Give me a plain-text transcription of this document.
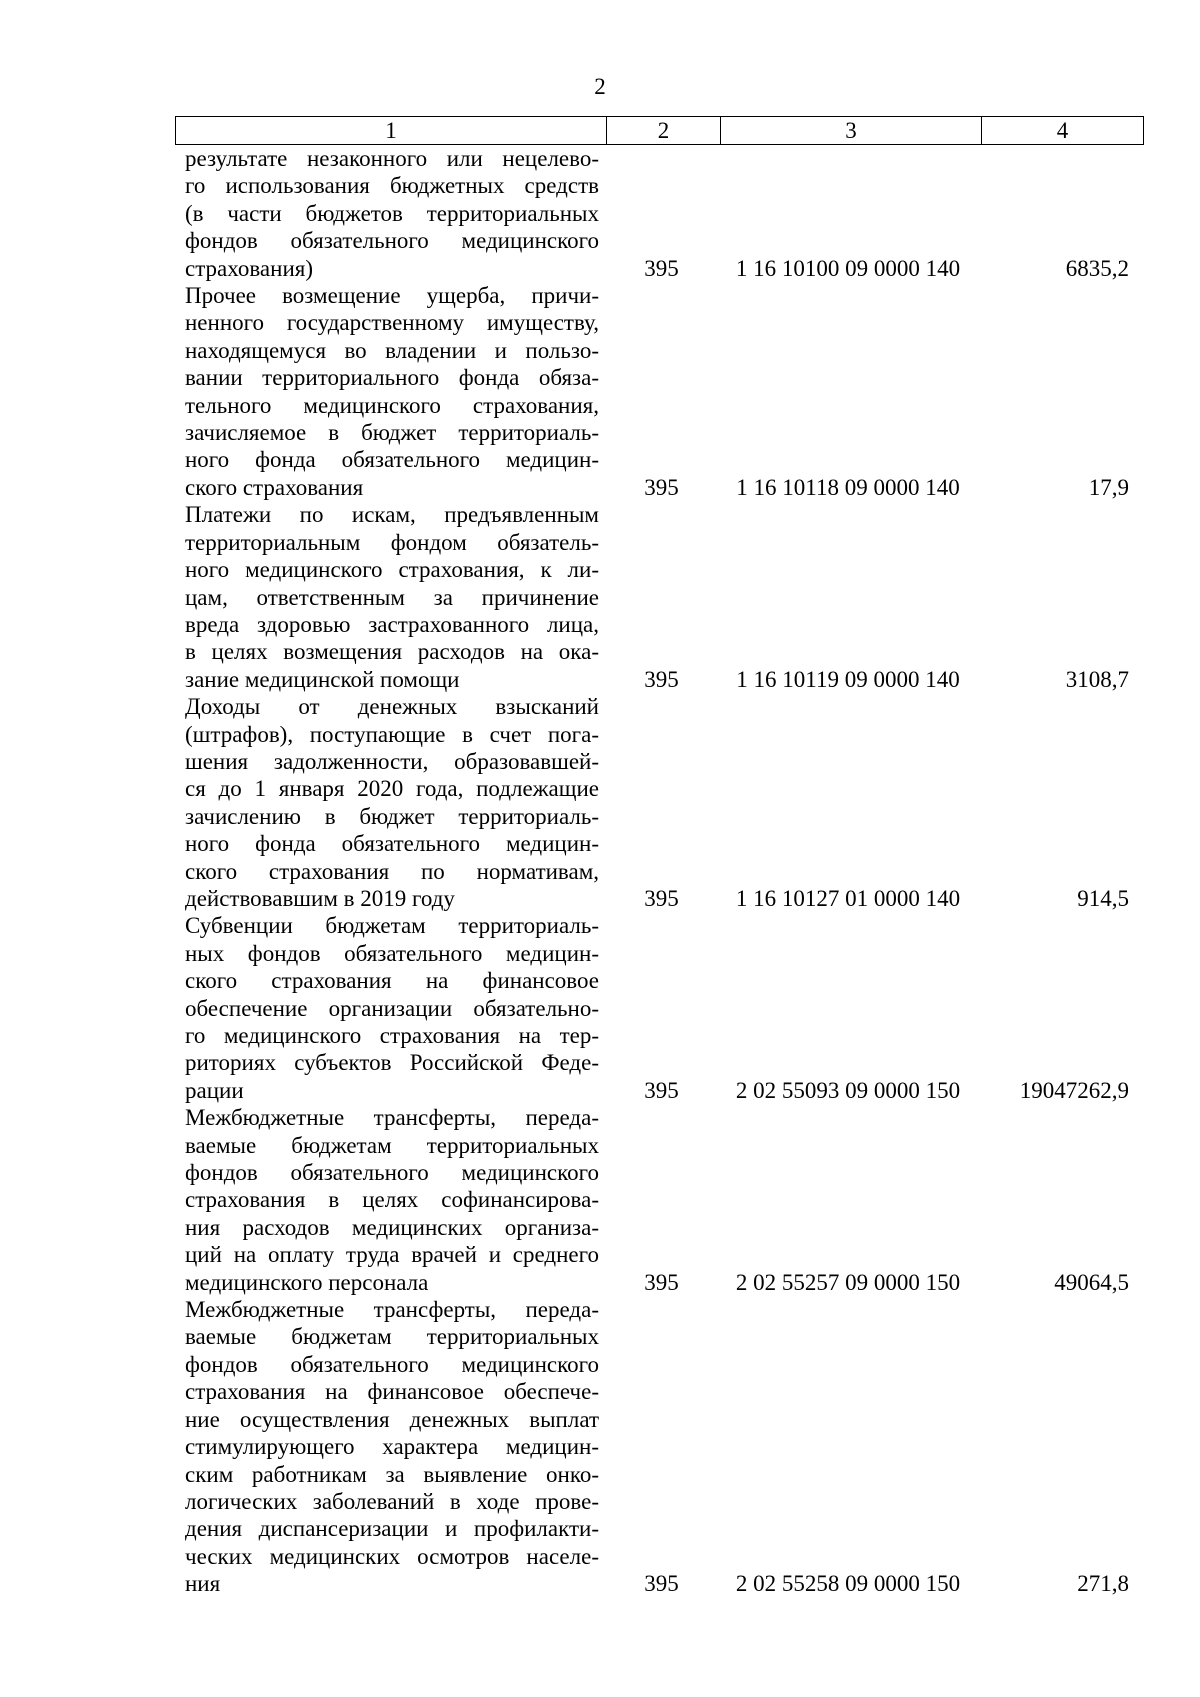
2
1	2	3	4
результате незаконного или нецелево-
го использования бюджетных средств
(в части бюджетов территориальных
фондов обязательного медицинского
страхования)	395	1 16 10100 09 0000 140	6835,2
Прочее возмещение ущерба, причи-
ненного государственному имуществу,
находящемуся во владении и пользо-
вании территориального фонда обяза-
тельного медицинского страхования,
зачисляемое в бюджет территориаль-
ного фонда обязательного медицин-
ского страхования	395	1 16 10118 09 0000 140	17,9
Платежи по искам, предъявленным
территориальным фондом обязатель-
ного медицинского страхования, к ли-
цам, ответственным за причинение
вреда здоровью застрахованного лица,
в целях возмещения расходов на ока-
зание медицинской помощи	395	1 16 10119 09 0000 140	3108,7
Доходы от денежных взысканий
(штрафов), поступающие в счет пога-
шения задолженности, образовавшей-
ся до 1 января 2020 года, подлежащие
зачислению в бюджет территориаль-
ного фонда обязательного медицин-
ского страхования по нормативам,
действовавшим в 2019 году	395	1 16 10127 01 0000 140	914,5
Субвенции бюджетам территориаль-
ных фондов обязательного медицин-
ского страхования на финансовое
обеспечение организации обязательно-
го медицинского страхования на тер-
риториях субъектов Российской Феде-
рации	395	2 02 55093 09 0000 150	19047262,9
Межбюджетные трансферты, переда-
ваемые бюджетам территориальных
фондов обязательного медицинского
страхования в целях софинансирова-
ния расходов медицинских организа-
ций на оплату труда врачей и среднего
медицинского персонала	395	2 02 55257 09 0000 150	49064,5
Межбюджетные трансферты, переда-
ваемые бюджетам территориальных
фондов обязательного медицинского
страхования на финансовое обеспече-
ние осуществления денежных выплат
стимулирующего характера медицин-
ским работникам за выявление онко-
логических заболеваний в ходе прове-
дения диспансеризации и профилакти-
ческих медицинских осмотров населе-
ния	395	2 02 55258 09 0000 150	271,8
